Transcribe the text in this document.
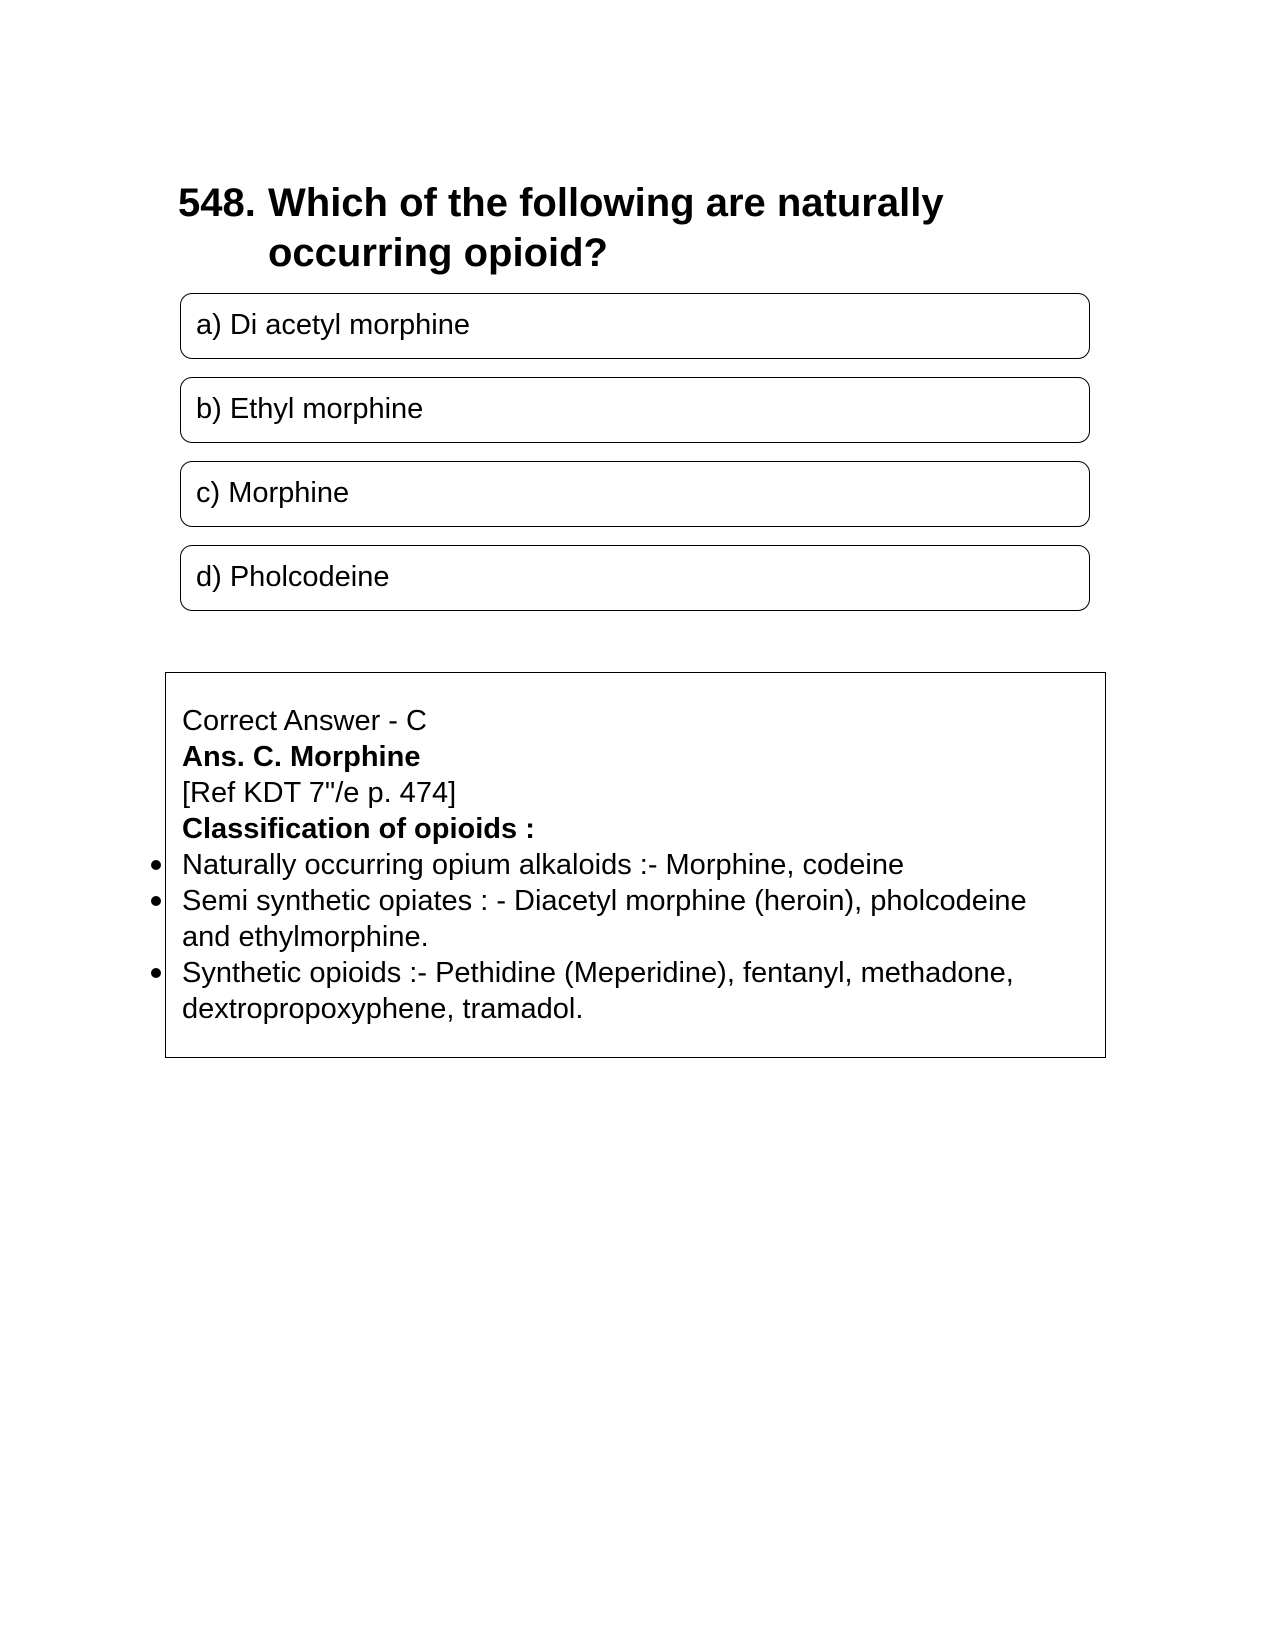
548. Which of the following are naturally occurring opioid?
a) Di acetyl morphine
b) Ethyl morphine
c) Morphine
d) Pholcodeine
Correct Answer - C
Ans. C. Morphine
[Ref KDT 7"/e p. 474]
Classification of opioids :
Naturally occurring opium alkaloids :- Morphine, codeine
Semi synthetic opiates : - Diacetyl morphine (heroin), pholcodeine and ethylmorphine.
Synthetic opioids :- Pethidine (Meperidine), fentanyl, methadone, dextropropoxyphene, tramadol.
